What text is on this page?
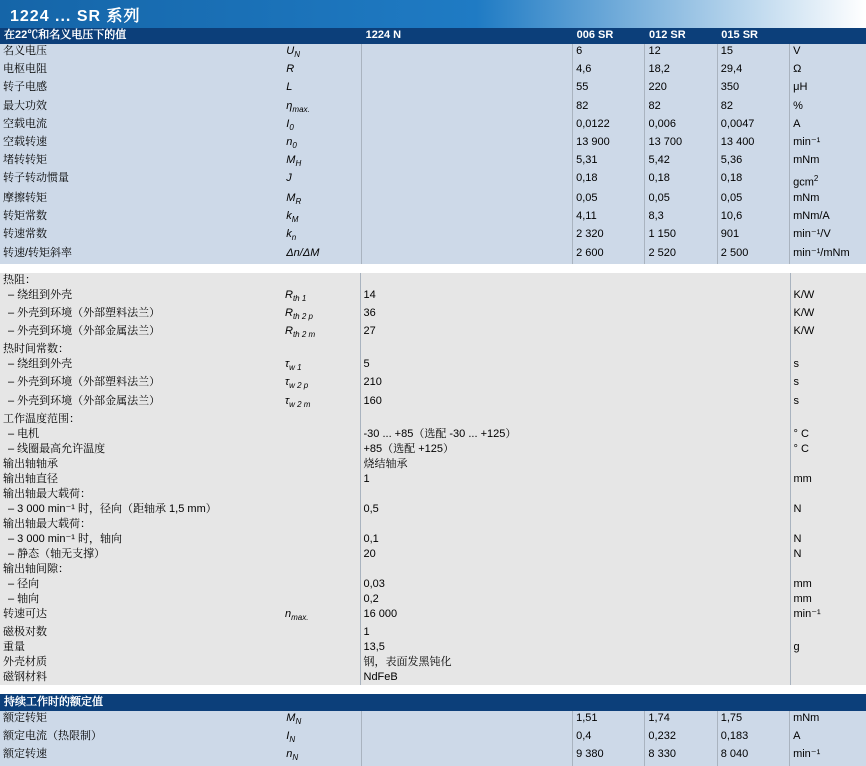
1224 ... SR 系列
在22℃和名义电压下的值		1224 N	006 SR	012 SR	015 SR	
名义电压	$U_N$		6	12	15	V
电枢电阻	R		4,6	18,2	29,4	Ω
转子电感	L		55	220	350	μH
最大功效	$\eta_{max.}$		82	82	82	%
空载电流	$I_0$		0,0122	0,006	0,0047	A
空载转速	$n_0$		13 900	13 700	13 400	min⁻¹
堵转转矩	$M_H$		5,31	5,42	5,36	mNm
转子转动惯量	J		0,18	0,18	0,18	gcm$^2$
摩擦转矩	$M_R$		0,05	0,05	0,05	mNm
转矩常数	$k_M$		4,11	8,3	10,6	mNm/A
转速常数	$k_n$		2 320	1 150	901	min⁻¹/V
转速/转矩斜率	Δn/ΔM		2 600	2 520	2 500	min⁻¹/mNm

热阻：			
– 绕组到外壳	$R_{th 1}$	14	K/W
– 外壳到环境（外部塑料法兰）	$R_{th 2 p}$	36	K/W
– 外壳到环境（外部金属法兰）	$R_{th 2 m}$	27	K/W
热时间常数：			
– 绕组到外壳	$\tau_{w 1}$	5	s
– 外壳到环境（外部塑料法兰）	$\tau_{w 2 p}$	210	s
– 外壳到环境（外部金属法兰）	$\tau_{w 2 m}$	160	s
工作温度范围：			
– 电机		-30 ... +85（选配 -30 ... +125）	° C
– 线圈最高允许温度		+85（选配 +125）	° C
输出轴轴承		烧结轴承	
输出轴直径		1	mm
输出轴最大载荷：			
– 3 000 min⁻¹ 时，径向（距轴承 1,5 mm）		0,5	N
输出轴最大载荷：			
– 3 000 min⁻¹ 时，轴向		0,1	N
– 静态（轴无支撑）		20	N
输出轴间隙：			
– 径向		0,03	mm
– 轴向		0,2	mm
转速可达	$n_{max.}$	16 000	min⁻¹
磁极对数		1	
重量		13,5	g
外壳材质		钢，表面发黑钝化	
磁钢材料		NdFeB	

持续工作时的额定值						
额定转矩	$M_N$		1,51	1,74	1,75	mNm
额定电流（热限制）	$I_N$		0,4	0,232	0,183	A
额定转速	$n_N$		9 380	8 330	8 040	min⁻¹
